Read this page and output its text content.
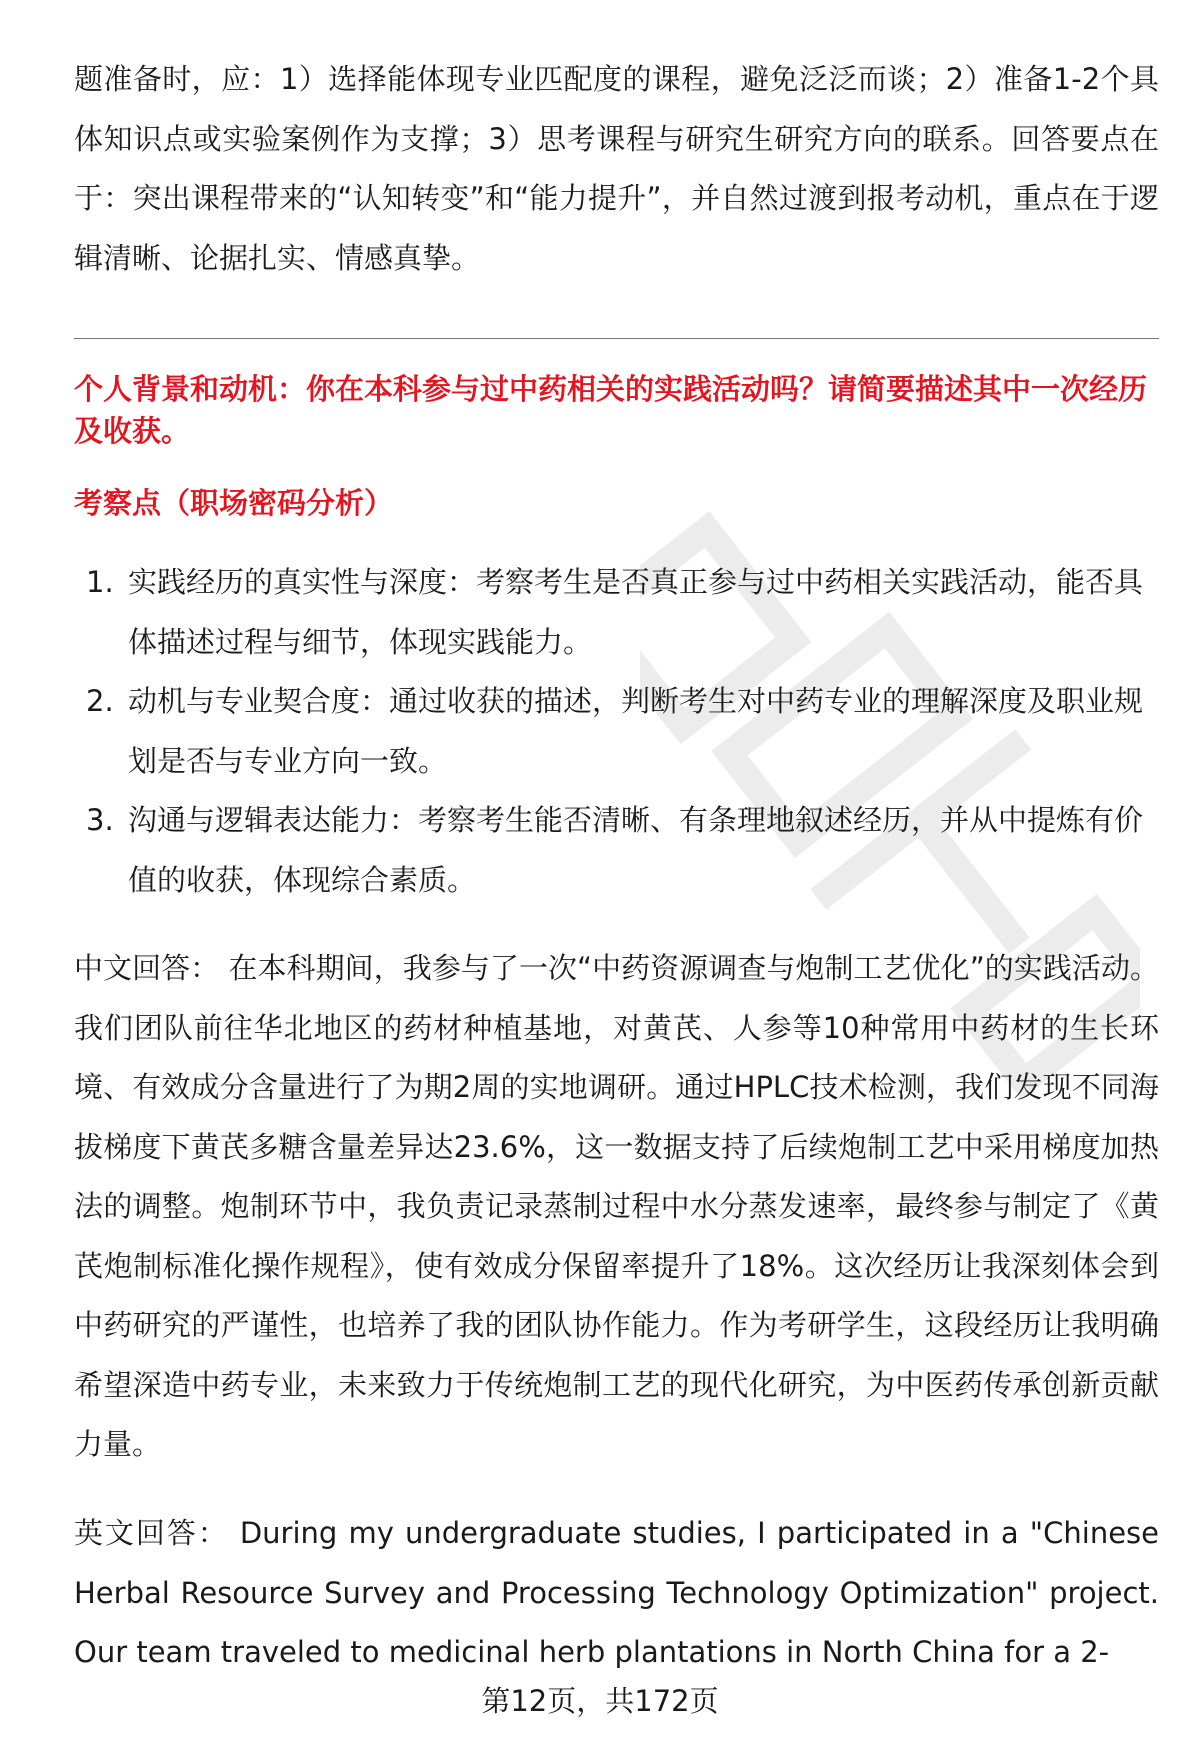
题准备时，应：1）选择能体现专业匹配度的课程，避免泛泛而谈；2）准备1-2个具体知识点或实验案例作为支撑；3）思考课程与研究生研究方向的联系。回答要点在于：突出课程带来的“认知转变”和“能力提升”，并自然过渡到报考动机，重点在于逻辑清晰、论据扎实、情感真挚。

个人背景和动机：你在本科参与过中药相关的实践活动吗？请简要描述其中一次经历及收获。

考察点（职场密码分析）

1. 实践经历的真实性与深度：考察考生是否真正参与过中药相关实践活动，能否具体描述过程与细节，体现实践能力。
2. 动机与专业契合度：通过收获的描述，判断考生对中药专业的理解深度及职业规划是否与专业方向一致。
3. 沟通与逻辑表达能力：考察考生能否清晰、有条理地叙述经历，并从中提炼有价值的收获，体现综合素质。

中文回答： 在本科期间，我参与了一次“中药资源调查与炮制工艺优化”的实践活动。我们团队前往华北地区的药材种植基地，对黄芪、人参等10种常用中药材的生长环境、有效成分含量进行了为期2周的实地调研。通过HPLC技术检测，我们发现不同海拔梯度下黄芪多糖含量差异达23.6%，这一数据支持了后续炮制工艺中采用梯度加热法的调整。炮制环节中，我负责记录蒸制过程中水分蒸发速率，最终参与制定了《黄芪炮制标准化操作规程》，使有效成分保留率提升了18%。这次经历让我深刻体会到中药研究的严谨性，也培养了我的团队协作能力。作为考研学生，这段经历让我明确希望深造中药专业，未来致力于传统炮制工艺的现代化研究，为中医药传承创新贡献力量。

英文回答： During my undergraduate studies, I participated in a "Chinese Herbal Resource Survey and Processing Technology Optimization" project. Our team traveled to medicinal herb plantations in North China for a 2-

第12页，共172页
